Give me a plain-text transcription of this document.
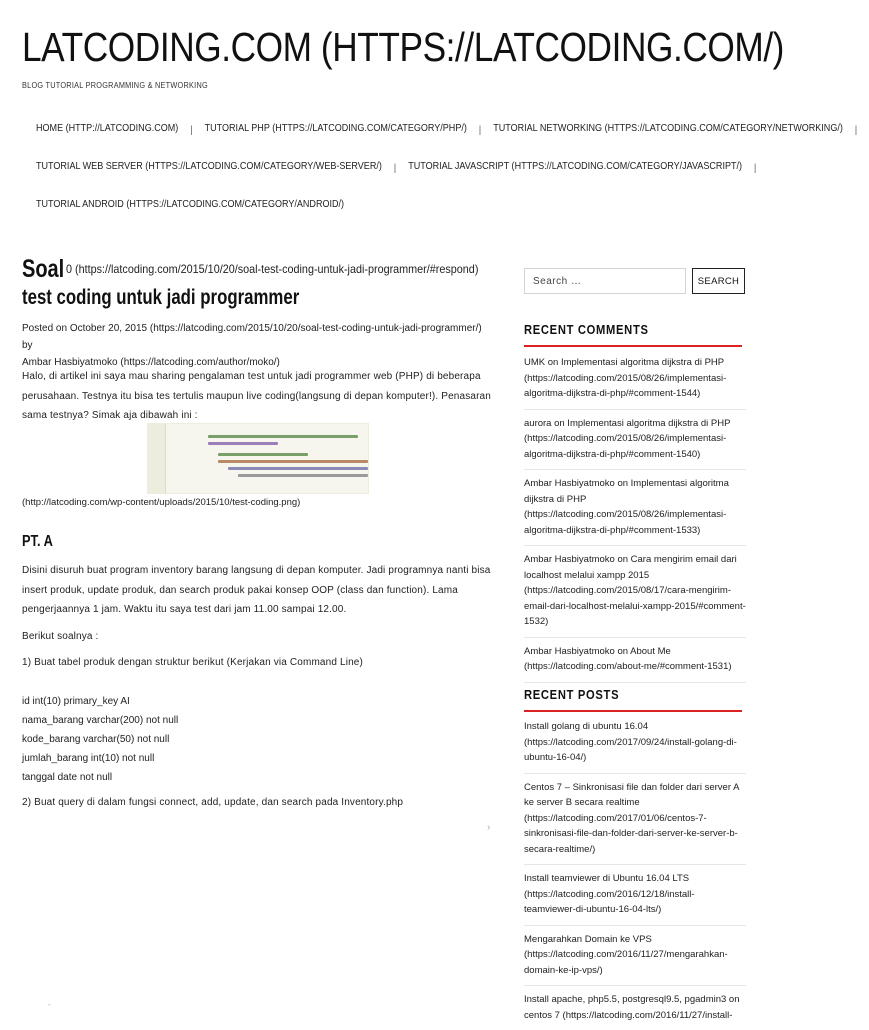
LATCODING.COM (HTTPS://LATCODING.COM/)
BLOG TUTORIAL PROGRAMMING & NETWORKING
HOME (HTTP://LATCODING.COM) | TUTORIAL PHP (HTTPS://LATCODING.COM/CATEGORY/PHP/) | TUTORIAL NETWORKING (HTTPS://LATCODING.COM/CATEGORY/NETWORKING/) |
TUTORIAL WEB SERVER (HTTPS://LATCODING.COM/CATEGORY/WEB-SERVER/) | TUTORIAL JAVASCRIPT (HTTPS://LATCODING.COM/CATEGORY/JAVASCRIPT/) |
TUTORIAL ANDROID (HTTPS://LATCODING.COM/CATEGORY/ANDROID/)
Soal 0 (https://latcoding.com/2015/10/20/soal-test-coding-untuk-jadi-programmer/#respond)
test coding untuk jadi programmer
Posted on October 20, 2015 (https://latcoding.com/2015/10/20/soal-test-coding-untuk-jadi-programmer/) by
Ambar Hasbiyatmoko (https://latcoding.com/author/moko/)

Halo, di artikel ini saya mau sharing pengalaman test untuk jadi programmer web (PHP) di beberapa perusahaan. Testnya itu bisa tes tertulis maupun live coding(langsung di depan komputer!). Penasaran sama testnya? Simak aja dibawah ini :

(http://latcoding.com/wp-content/uploads/2015/10/test-coding.png)
PT. A

Disini disuruh buat program inventory barang langsung di depan komputer. Jadi programnya nanti bisa insert produk, update produk, dan search produk pakai konsep OOP (class dan function). Lama pengerjaannya 1 jam. Waktu itu saya test dari jam 11.00 sampai 12.00.

Berikut soalnya :

1) Buat tabel produk dengan struktur berikut (Kerjakan via Command Line)

id int(10) primary_key AI
nama_barang varchar(200) not null
kode_barang varchar(50) not null
jumlah_barang int(10) not null
tanggal date not null

2) Buat query di dalam fungsi connect, add, update, dan search pada Inventory.php

›
-
Search …
SEARCH
RECENT COMMENTS
UMK on Implementasi algoritma dijkstra di PHP (https://latcoding.com/2015/08/26/implementasi-algoritma-dijkstra-di-php/#comment-1544)
aurora on Implementasi algoritma dijkstra di PHP (https://latcoding.com/2015/08/26/implementasi-algoritma-dijkstra-di-php/#comment-1540)
Ambar Hasbiyatmoko on Implementasi algoritma dijkstra di PHP (https://latcoding.com/2015/08/26/implementasi-algoritma-dijkstra-di-php/#comment-1533)
Ambar Hasbiyatmoko on Cara mengirim email dari localhost melalui xampp 2015 (https://latcoding.com/2015/08/17/cara-mengirim-email-dari-localhost-melalui-xampp-2015/#comment-1532)
Ambar Hasbiyatmoko on About Me (https://latcoding.com/about-me/#comment-1531)
RECENT POSTS
Install golang di ubuntu 16.04 (https://latcoding.com/2017/09/24/install-golang-di-ubuntu-16-04/)
Centos 7 – Sinkronisasi file dan folder dari server A ke server B secara realtime (https://latcoding.com/2017/01/06/centos-7-sinkronisasi-file-dan-folder-dari-server-ke-server-b-secara-realtime/)
Install teamviewer di Ubuntu 16.04 LTS (https://latcoding.com/2016/12/18/install-teamviewer-di-ubuntu-16-04-lts/)
Mengarahkan Domain ke VPS (https://latcoding.com/2016/11/27/mengarahkan-domain-ke-ip-vps/)
Install apache, php5.5, postgresql9.5, pgadmin3 on centos 7 (https://latcoding.com/2016/11/27/install-
